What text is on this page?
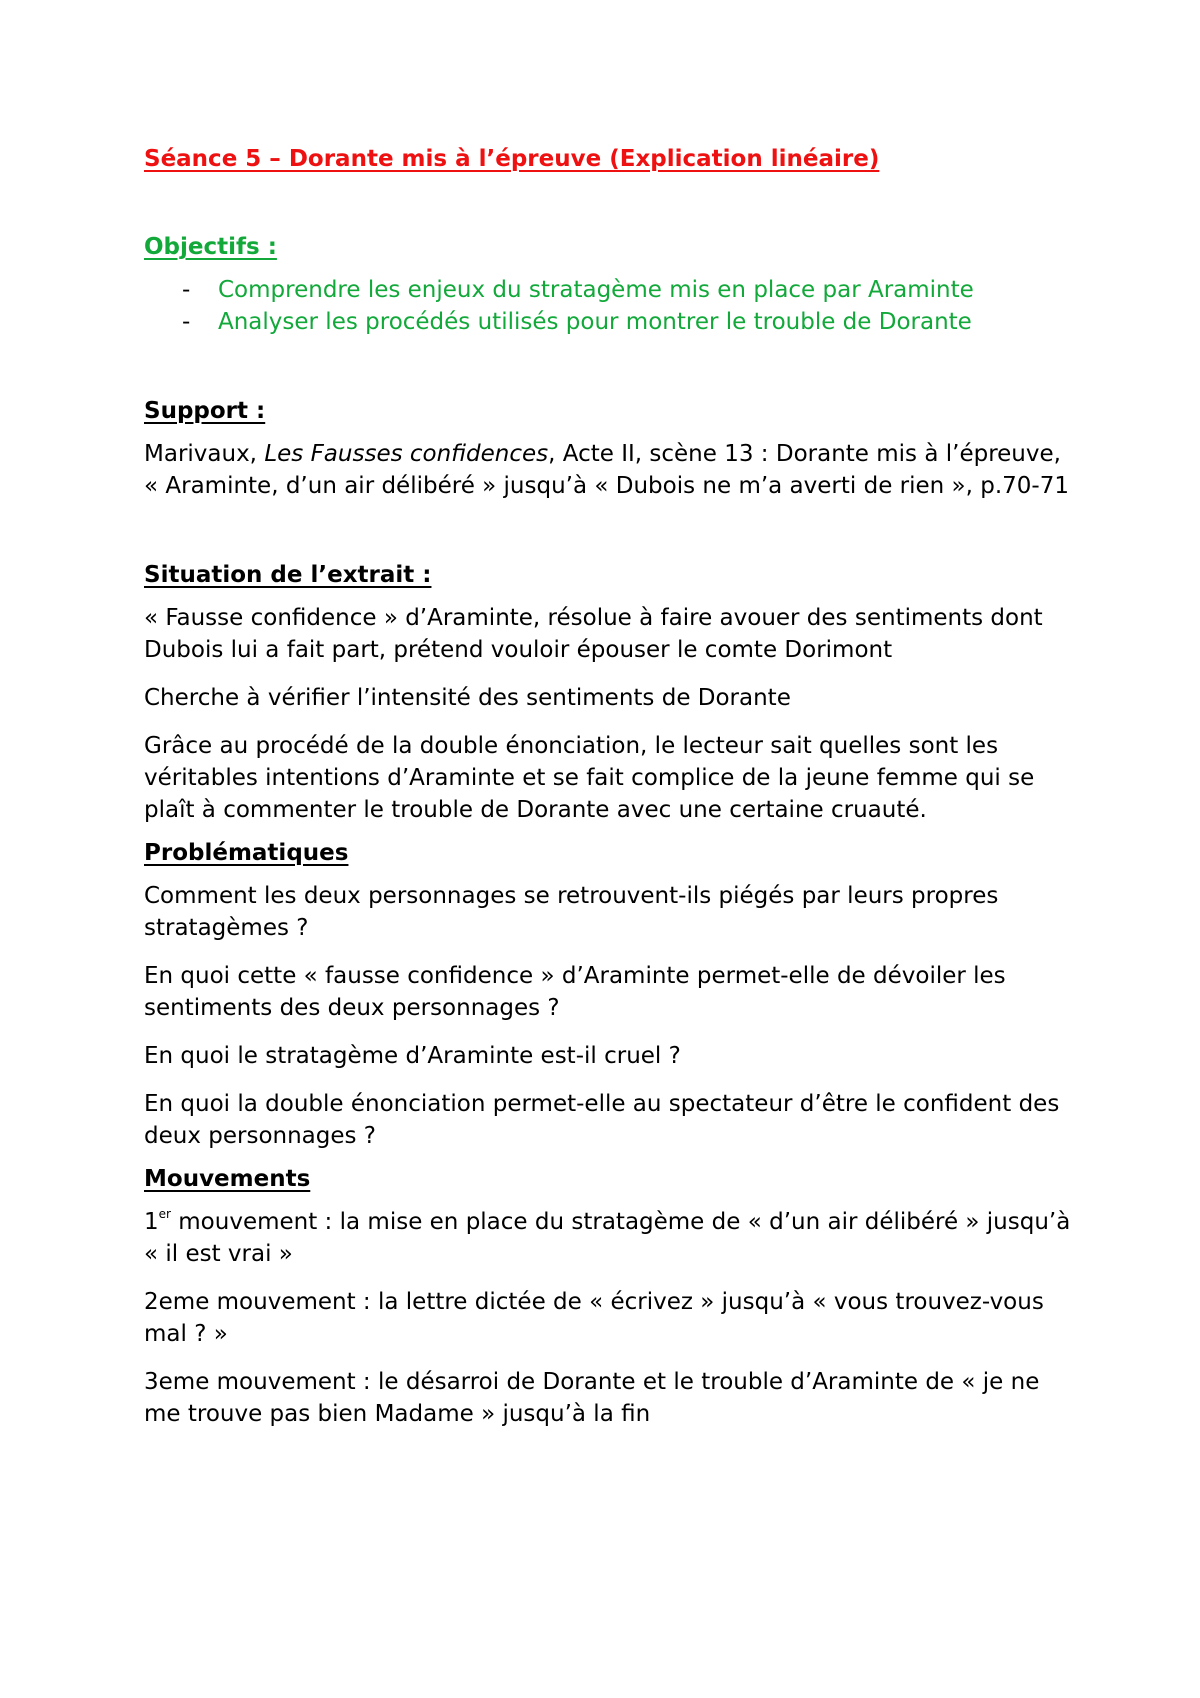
Séance 5 – Dorante mis à l’épreuve (Explication linéaire)
Objectifs :
- Comprendre les enjeux du stratagème mis en place par Araminte
- Analyser les procédés utilisés pour montrer le trouble de Dorante
Support :

Marivaux, Les Fausses confidences, Acte II, scène 13 : Dorante mis à l’épreuve, « Araminte, d’un air délibéré » jusqu’à « Dubois ne m’a averti de rien », p.70-71

Situation de l’extrait :

« Fausse confidence » d’Araminte, résolue à faire avouer des sentiments dont Dubois lui a fait part, prétend vouloir épouser le comte Dorimont

Cherche à vérifier l’intensité des sentiments de Dorante

Grâce au procédé de la double énonciation, le lecteur sait quelles sont les véritables intentions d’Araminte et se fait complice de la jeune femme qui se plaît à commenter le trouble de Dorante avec une certaine cruauté.

Problématiques

Comment les deux personnages se retrouvent-ils piégés par leurs propres stratagèmes ?

En quoi cette « fausse confidence » d’Araminte permet-elle de dévoiler les sentiments des deux personnages ?

En quoi le stratagème d’Araminte est-il cruel ?

En quoi la double énonciation permet-elle au spectateur d’être le confident des deux personnages ?

Mouvements

1er mouvement : la mise en place du stratagème de « d’un air délibéré » jusqu’à « il est vrai »

2eme mouvement : la lettre dictée de « écrivez » jusqu’à « vous trouvez-vous mal ? »

3eme mouvement : le désarroi de Dorante et le trouble d’Araminte de « je ne me trouve pas bien Madame » jusqu’à la fin
